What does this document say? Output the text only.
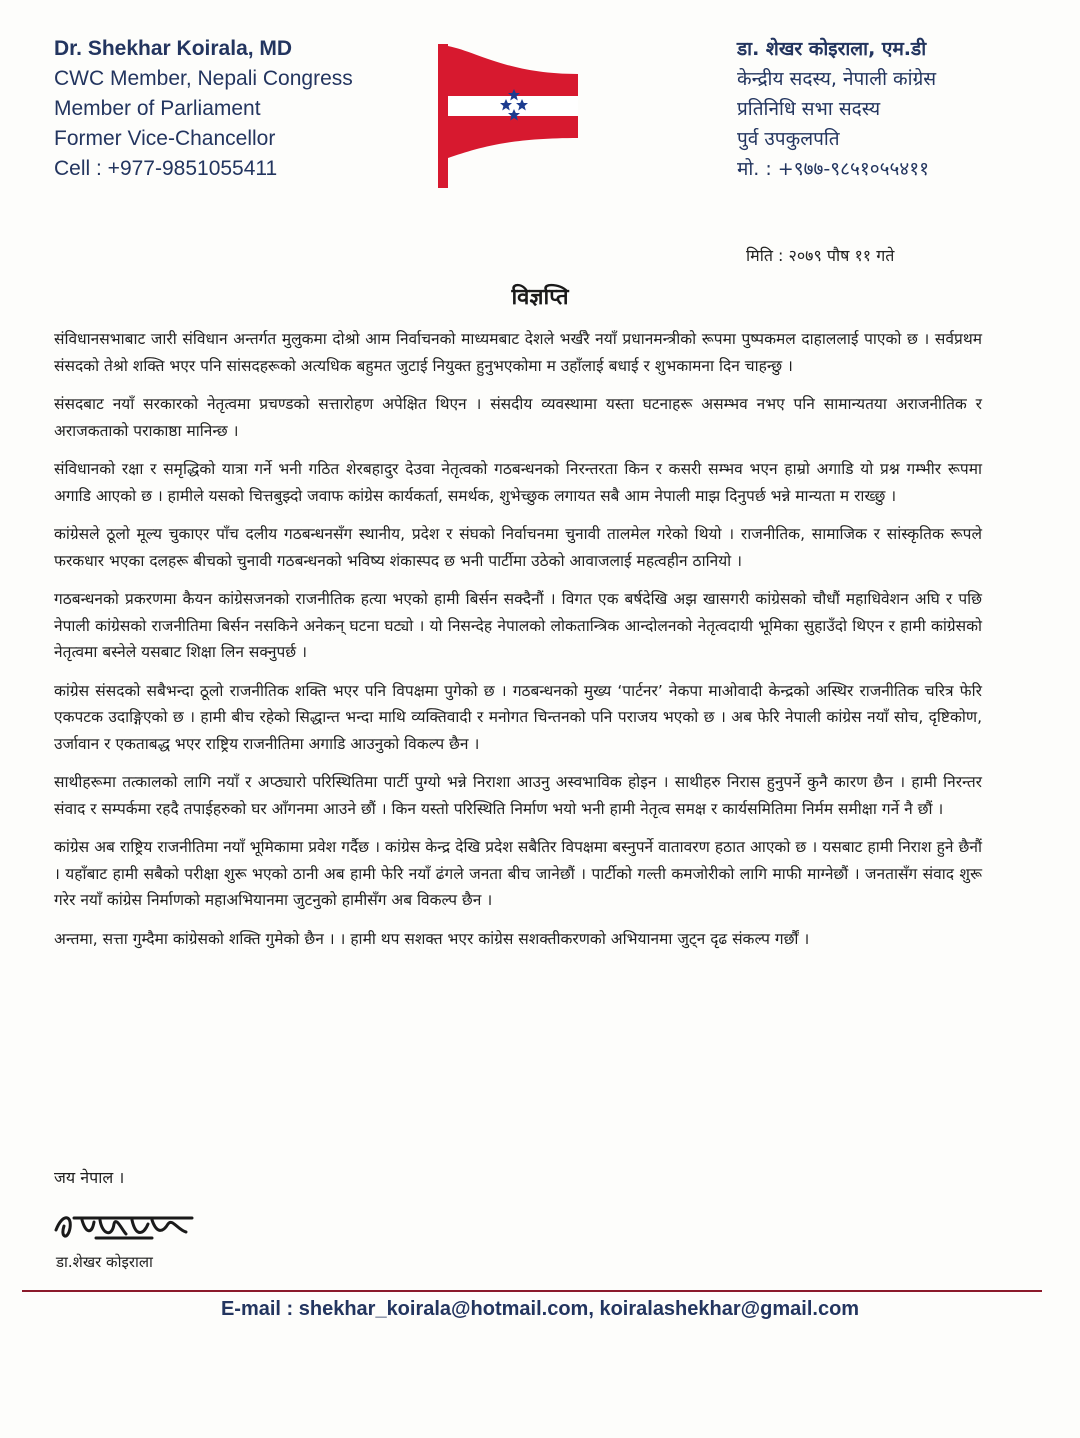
Dr. Shekhar Koirala, MD
CWC Member, Nepali Congress
Member of Parliament
Former Vice-Chancellor
Cell : +977-9851055411
डा. शेखर कोइराला, एम.डी
केन्द्रीय सदस्य, नेपाली कांग्रेस
प्रतिनिधि सभा सदस्य
पुर्व उपकुलपति
मो. : +९७७-९८५१०५५४११
मिति : २०७९ पौष ११ गते
विज्ञप्ति

संविधानसभाबाट जारी संविधान अन्तर्गत मुलुकमा दोश्रो आम निर्वाचनको माध्यमबाट देशले भर्खरै नयाँ प्रधानमन्त्रीको रूपमा पुष्पकमल दाहाललाई पाएको छ । सर्वप्रथम संसदको तेश्रो शक्ति भएर पनि सांसदहरूको अत्यधिक बहुमत जुटाई नियुक्त हुनुभएकोमा म उहाँलाई बधाई र शुभकामना दिन चाहन्छु ।

संसदबाट नयाँ सरकारको नेतृत्वमा प्रचण्डको सत्तारोहण अपेक्षित थिएन । संसदीय व्यवस्थामा यस्ता घटनाहरू असम्भव नभए पनि सामान्यतया अराजनीतिक र अराजकताको पराकाष्ठा मानिन्छ ।

संविधानको रक्षा र समृद्धिको यात्रा गर्ने भनी गठित शेरबहादुर देउवा नेतृत्वको गठबन्धनको निरन्तरता किन र कसरी सम्भव भएन हाम्रो अगाडि यो प्रश्न गम्भीर रूपमा अगाडि आएको छ । हामीले यसको चित्तबुझ्दो जवाफ कांग्रेस कार्यकर्ता, समर्थक, शुभेच्छुक लगायत सबै आम नेपाली माझ दिनुपर्छ भन्ने मान्यता म राख्छु ।

कांग्रेसले ठूलो मूल्य चुकाएर पाँच दलीय गठबन्धनसँग स्थानीय, प्रदेश र संघको निर्वाचनमा चुनावी तालमेल गरेको थियो । राजनीतिक, सामाजिक र सांस्कृतिक रूपले फरकधार भएका दलहरू बीचको चुनावी गठबन्धनको भविष्य शंकास्पद छ भनी पार्टीमा उठेको आवाजलाई महत्वहीन ठानियो ।

गठबन्धनको प्रकरणमा कैयन कांग्रेसजनको राजनीतिक हत्या भएको हामी बिर्सन सक्दैनौं । विगत एक बर्षदेखि अझ खासगरी कांग्रेसको चौधौं महाधिवेशन अघि र पछि नेपाली कांग्रेसको राजनीतिमा बिर्सन नसकिने अनेकन् घटना घट्यो । यो निसन्देह नेपालको लोकतान्त्रिक आन्दोलनको नेतृत्वदायी भूमिका सुहाउँदो थिएन र हामी कांग्रेसको नेतृत्वमा बस्नेले यसबाट शिक्षा लिन सक्नुपर्छ ।

कांग्रेस संसदको सबैभन्दा ठूलो राजनीतिक शक्ति भएर पनि विपक्षमा पुगेको छ । गठबन्धनको मुख्य ‘पार्टनर’ नेकपा माओवादी केन्द्रको अस्थिर राजनीतिक चरित्र फेरि एकपटक उदाङ्गिएको छ । हामी बीच रहेको सिद्धान्त भन्दा माथि व्यक्तिवादी र मनोगत चिन्तनको पनि पराजय भएको छ । अब फेरि नेपाली कांग्रेस नयाँ सोच, दृष्टिकोण, उर्जावान र एकताबद्ध भएर राष्ट्रिय राजनीतिमा अगाडि आउनुको विकल्प छैन ।

साथीहरूमा तत्कालको लागि नयाँ र अप्ठ्यारो परिस्थितिमा पार्टी पुग्यो भन्ने निराशा आउनु अस्वभाविक होइन । साथीहरु निरास हुनुपर्ने कुनै कारण छैन । हामी निरन्तर संवाद र सम्पर्कमा रहदै तपाईहरुको घर आँगनमा आउने छौं । किन यस्तो परिस्थिति निर्माण भयो भनी हामी नेतृत्व समक्ष र कार्यसमितिमा निर्मम समीक्षा गर्ने नै छौं ।

कांग्रेस अब राष्ट्रिय राजनीतिमा नयाँ भूमिकामा प्रवेश गर्दैछ । कांग्रेस केन्द्र देखि प्रदेश सबैतिर विपक्षमा बस्नुपर्ने वातावरण हठात आएको छ । यसबाट हामी निराश हुने छैनौं । यहाँबाट हामी सबैको परीक्षा शुरू भएको ठानी अब हामी फेरि नयाँ ढंगले जनता बीच जानेछौं । पार्टीको गल्ती कमजोरीको लागि माफी माग्नेछौं । जनतासँग संवाद शुरू गरेर नयाँ कांग्रेस निर्माणको महाअभियानमा जुटनुको हामीसँग अब विकल्प छैन ।

अन्तमा, सत्ता गुम्दैमा कांग्रेसको शक्ति गुमेको छैन । । हामी थप सशक्त भएर कांग्रेस सशक्तीकरणको अभियानमा जुट्न दृढ संकल्प गर्छौं ।

जय नेपाल ।
डा.शेखर कोइराला
E-mail : shekhar_koirala@hotmail.com, koiralashekhar@gmail.com
